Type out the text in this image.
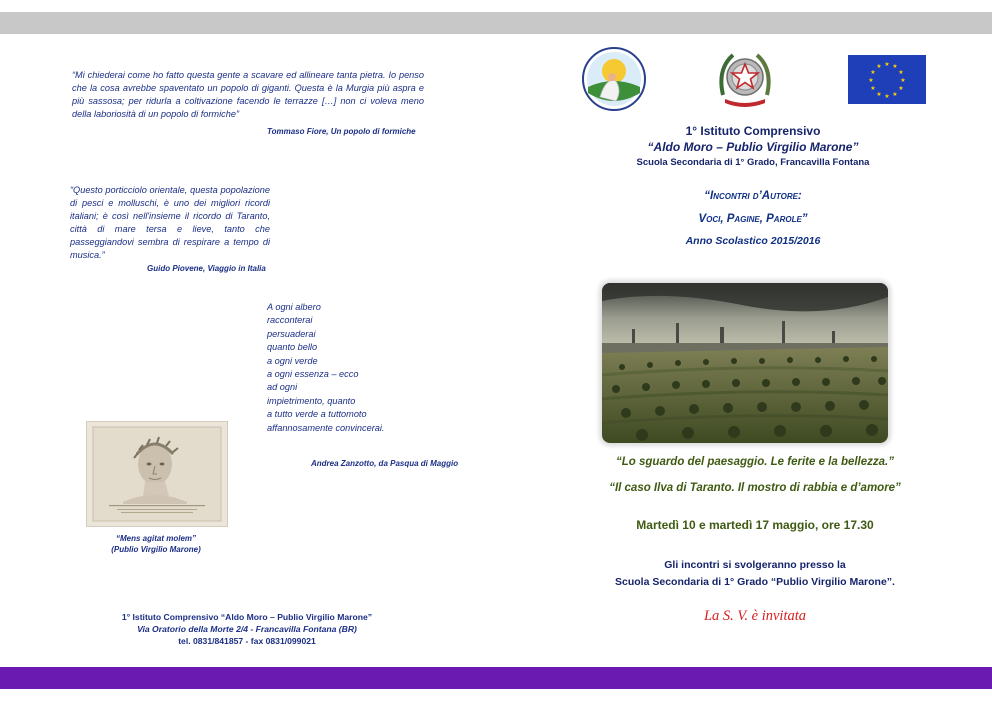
“Mi chiederai come ho fatto questa gente a scavare ed allineare tanta pietra. Io penso che la cosa avrebbe spaventato un popolo di giganti. Questa è la Murgia più aspra e più sassosa; per ridurla a coltivazione facendo le terrazze […] non ci voleva meno della laboriosità di un popolo di formiche”

Tommaso Fiore, Un popolo di formiche

“Questo porticciolo orientale, questa popolazione di pesci e molluschi, è uno dei migliori ricordi italiani; è così nell'insieme il ricordo di Taranto, città di mare tersa e lieve, tanto che passeggiandovi sembra di respirare a tempo di musica.”

Guido Piovene, Viaggio in Italia
A ogni albero
racconterai
persuaderai
quanto bello
a ogni verde
a ogni essenza – ecco
ad ogni
impietrimento, quanto
a tutto verde a tuttomoto
affannosamente convincerai.
Andrea Zanzotto, da Pasqua di Maggio
“Mens agitat molem”
(Publio Virgilio Marone)
1° Istituto Comprensivo “Aldo Moro – Publio Virgilio Marone”
Via Oratorio della Morte 2/4 - Francavilla Fontana (BR)
tel. 0831/841857 - fax 0831/099021
★ ★
★
★
★
★
★
★
★
★
★
★
1° Istituto Comprensivo
“Aldo Moro – Publio Virgilio Marone”
Scuola Secondaria di 1° Grado, Francavilla Fontana
“Incontri d’Autore:
Voci, Pagine, Parole”
Anno Scolastico 2015/2016
“Lo sguardo del paesaggio. Le ferite e la bellezza.”
“Il caso Ilva di Taranto. Il mostro di rabbia e d’amore”
Martedì 10 e martedì 17 maggio, ore 17.30
Gli incontri si svolgeranno presso la
Scuola Secondaria di 1° Grado “Publio Virgilio Marone”.
La S. V. è invitata
